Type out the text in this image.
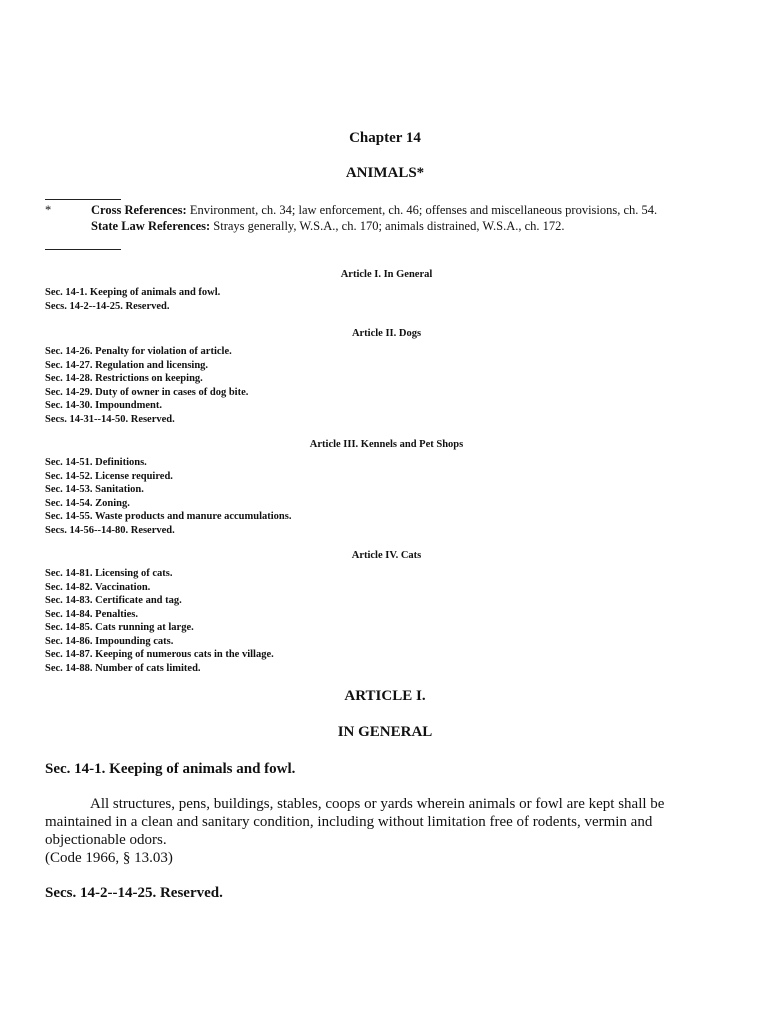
Chapter 14
ANIMALS*
*	Cross References: Environment, ch. 34; law enforcement, ch. 46; offenses and miscellaneous provisions, ch. 54.
State Law References: Strays generally, W.S.A., ch. 170; animals distrained, W.S.A., ch. 172.
Article I. In General
Sec. 14-1. Keeping of animals and fowl.
Secs. 14-2--14-25. Reserved.
Article II. Dogs
Sec. 14-26. Penalty for violation of article.
Sec. 14-27. Regulation and licensing.
Sec. 14-28. Restrictions on keeping.
Sec. 14-29. Duty of owner in cases of dog bite.
Sec. 14-30. Impoundment.
Secs. 14-31--14-50. Reserved.
Article III. Kennels and Pet Shops
Sec. 14-51. Definitions.
Sec. 14-52. License required.
Sec. 14-53. Sanitation.
Sec. 14-54. Zoning.
Sec. 14-55. Waste products and manure accumulations.
Secs. 14-56--14-80. Reserved.
Article IV. Cats
Sec. 14-81. Licensing of cats.
Sec. 14-82. Vaccination.
Sec. 14-83. Certificate and tag.
Sec. 14-84. Penalties.
Sec. 14-85. Cats running at large.
Sec. 14-86. Impounding cats.
Sec. 14-87. Keeping of numerous cats in the village.
Sec. 14-88. Number of cats limited.
ARTICLE I.
IN GENERAL
Sec. 14-1. Keeping of animals and fowl.
All structures, pens, buildings, stables, coops or yards wherein animals or fowl are kept shall be maintained in a clean and sanitary condition, including without limitation free of rodents, vermin and objectionable odors.
(Code 1966, § 13.03)
Secs. 14-2--14-25. Reserved.
